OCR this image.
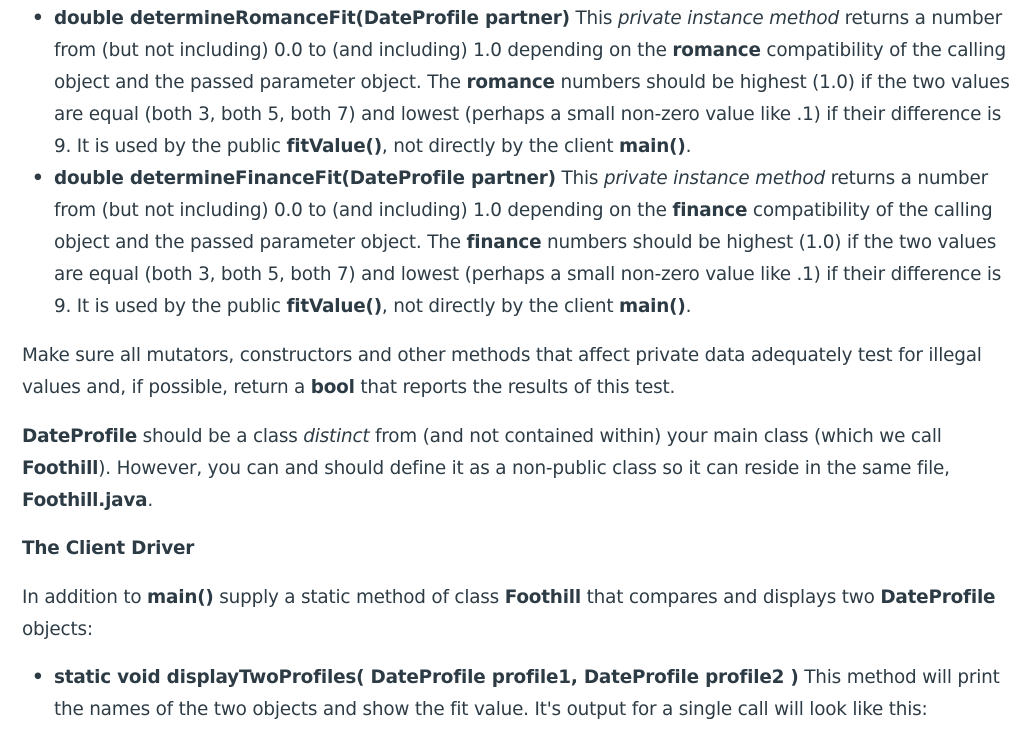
• double determineRomanceFit(DateProfile partner) This private instance method returns a number from (but not including) 0.0 to (and including) 1.0 depending on the romance compatibility of the calling object and the passed parameter object. The romance numbers should be highest (1.0) if the two values are equal (both 3, both 5, both 7) and lowest (perhaps a small non-zero value like .1) if their difference is 9. It is used by the public fitValue(), not directly by the client main().
• double determineFinanceFit(DateProfile partner) This private instance method returns a number from (but not including) 0.0 to (and including) 1.0 depending on the finance compatibility of the calling object and the passed parameter object. The finance numbers should be highest (1.0) if the two values are equal (both 3, both 5, both 7) and lowest (perhaps a small non-zero value like .1) if their difference is 9. It is used by the public fitValue(), not directly by the client main().

Make sure all mutators, constructors and other methods that affect private data adequately test for illegal values and, if possible, return a bool that reports the results of this test.

DateProfile should be a class distinct from (and not contained within) your main class (which we call Foothill). However, you can and should define it as a non-public class so it can reside in the same file, Foothill.java.

The Client Driver

In addition to main() supply a static method of class Foothill that compares and displays two DateProfile objects:

• static void displayTwoProfiles( DateProfile profile1, DateProfile profile2 ) This method will print the names of the two objects and show the fit value. It's output for a single call will look like this:
